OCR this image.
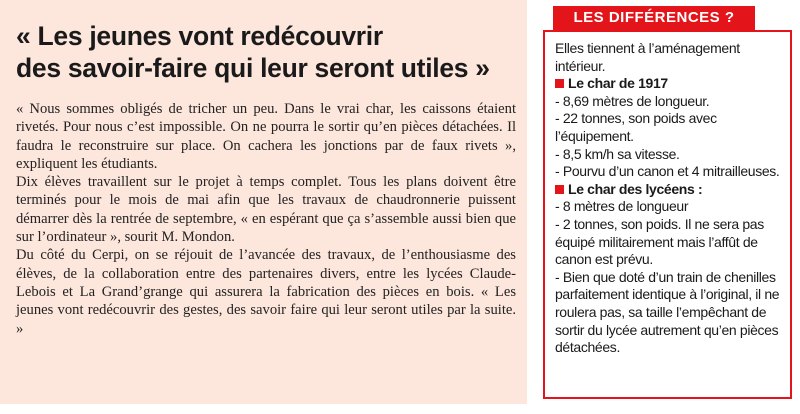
« Les jeunes vont redécouvrir
des savoir-faire qui leur seront utiles »

« Nous sommes obligés de tricher un peu. Dans le vrai char, les caissons étaient rivetés. Pour nous c’est impossible. On ne pourra le sortir qu’en pièces détachées. Il faudra le reconstruire sur place. On cachera les jonctions par de faux rivets », expliquent les étudiants.

Dix élèves travaillent sur le projet à temps complet. Tous les plans doivent être terminés pour le mois de mai afin que les travaux de chaudronnerie puissent démarrer dès la rentrée de septembre, « en espérant que ça s’assemble aussi bien que sur l’ordinateur », sourit M. Mondon.

Du côté du Cerpi, on se réjouit de l’avancée des travaux, de l’enthousiasme des élèves, de la collaboration entre des partenaires divers, entre les lycées Claude-Lebois et La Grand’grange qui assurera la fabrication des pièces en bois. « Les jeunes vont redécouvrir des gestes, des savoir faire qui leur seront utiles par la suite. »

LES DIFFÉRENCES ?

Elles tiennent à l’aménagement intérieur.

Le char de 1917

- 8,69 mètres de longueur.

- 22 tonnes, son poids avec l’équipement.

- 8,5 km/h sa vitesse.

- Pourvu d’un canon et 4 mitrailleuses.

Le char des lycéens :

- 8 mètres de longueur

- 2 tonnes, son poids. Il ne sera pas équipé militairement mais l’affût de canon est prévu.

- Bien que doté d’un train de chenilles parfaitement identique à l’original, il ne roulera pas, sa taille l’empêchant de sortir du lycée autrement qu’en pièces détachées.
